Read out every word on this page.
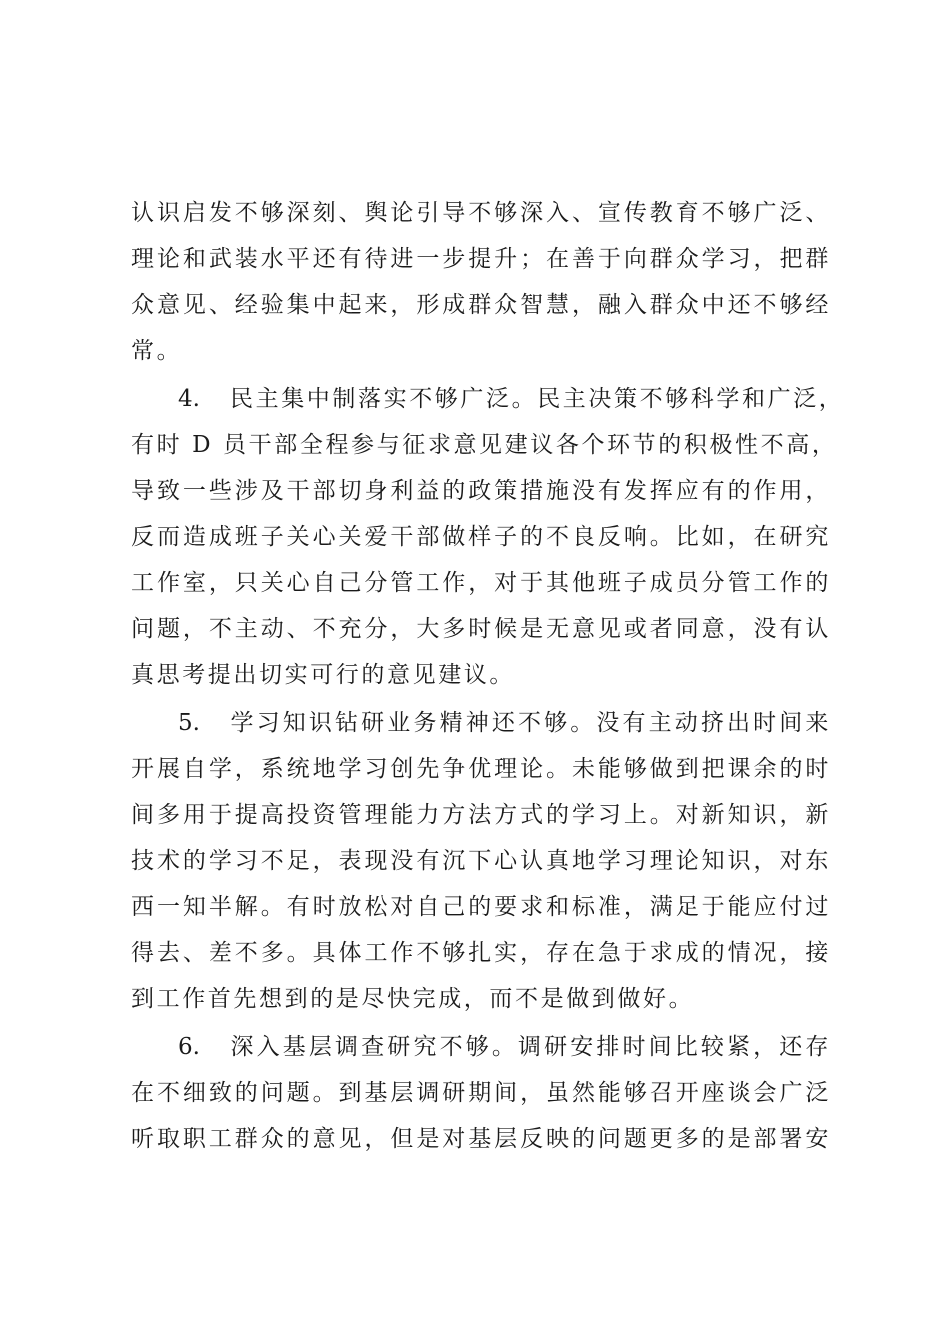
认识启发不够深刻、舆论引导不够深入、宣传教育不够广泛、
理论和武装水平还有待进一步提升；在善于向群众学习，把群
众意见、经验集中起来，形成群众智慧，融入群众中还不够经
常。
4. 民主集中制落实不够广泛。民主决策不够科学和广泛，
有时 D 员干部全程参与征求意见建议各个环节的积极性不高，
导致一些涉及干部切身利益的政策措施没有发挥应有的作用，
反而造成班子关心关爱干部做样子的不良反响。比如，在研究
工作室，只关心自己分管工作，对于其他班子成员分管工作的
问题，不主动、不充分，大多时候是无意见或者同意，没有认
真思考提出切实可行的意见建议。
5. 学习知识钻研业务精神还不够。没有主动挤出时间来
开展自学，系统地学习创先争优理论。未能够做到把课余的时
间多用于提高投资管理能力方法方式的学习上。对新知识，新
技术的学习不足，表现没有沉下心认真地学习理论知识，对东
西一知半解。有时放松对自己的要求和标准，满足于能应付过
得去、差不多。具体工作不够扎实，存在急于求成的情况，接
到工作首先想到的是尽快完成，而不是做到做好。
6. 深入基层调查研究不够。调研安排时间比较紧，还存
在不细致的问题。到基层调研期间，虽然能够召开座谈会广泛
听取职工群众的意见，但是对基层反映的问题更多的是部署安
